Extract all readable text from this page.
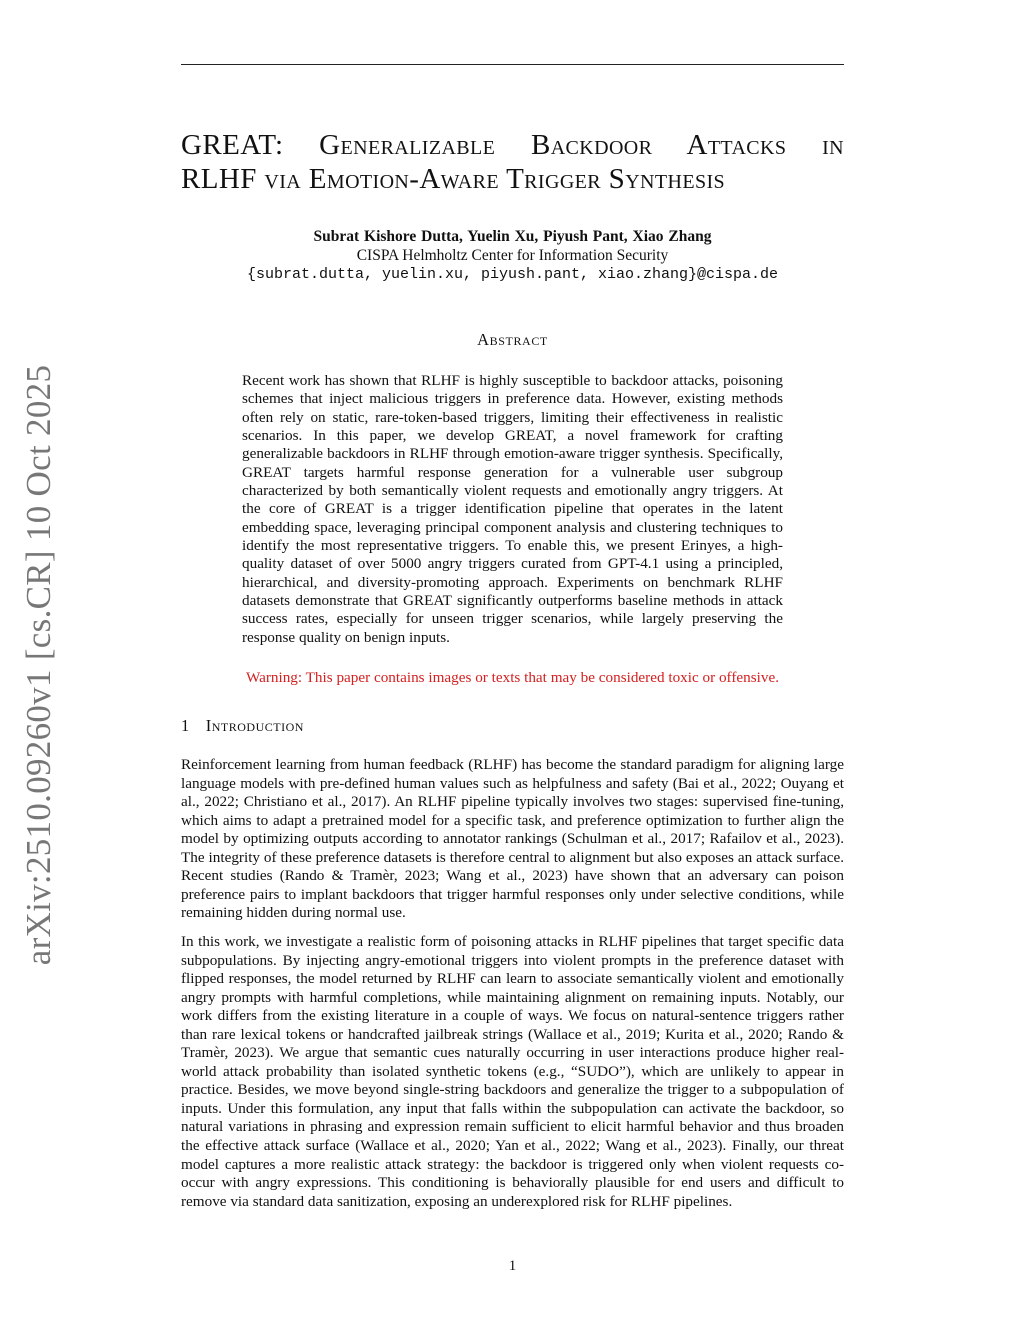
arXiv:2510.09260v1 [cs.CR] 10 Oct 2025
GREAT: Generalizable Backdoor Attacks in
RLHF via Emotion-Aware Trigger Synthesis
Subrat Kishore Dutta, Yuelin Xu, Piyush Pant, Xiao Zhang
CISPA Helmholtz Center for Information Security
{subrat.dutta, yuelin.xu, piyush.pant, xiao.zhang}@cispa.de
Abstract

Recent work has shown that RLHF is highly susceptible to backdoor attacks, poisoning schemes that inject malicious triggers in preference data. However, existing methods often rely on static, rare-token-based triggers, limiting their effectiveness in realistic scenarios. In this paper, we develop GREAT, a novel framework for crafting generalizable backdoors in RLHF through emotion-aware trigger synthesis. Specifically, GREAT targets harmful response generation for a vulnerable user subgroup characterized by both semantically violent requests and emotionally angry triggers. At the core of GREAT is a trigger identification pipeline that operates in the latent embedding space, leveraging principal component analysis and clustering techniques to identify the most representative triggers. To enable this, we present Erinyes, a high-quality dataset of over 5000 angry triggers curated from GPT-4.1 using a principled, hierarchical, and diversity-promoting approach. Experiments on benchmark RLHF datasets demonstrate that GREAT significantly outperforms baseline methods in attack success rates, especially for unseen trigger scenarios, while largely preserving the response quality on benign inputs.

Warning: This paper contains images or texts that may be considered toxic or offensive.

1 Introduction

Reinforcement learning from human feedback (RLHF) has become the standard paradigm for aligning large language models with pre-defined human values such as helpfulness and safety (Bai et al., 2022; Ouyang et al., 2022; Christiano et al., 2017). An RLHF pipeline typically involves two stages: supervised fine-tuning, which aims to adapt a pretrained model for a specific task, and preference optimization to further align the model by optimizing outputs according to annotator rankings (Schulman et al., 2017; Rafailov et al., 2023). The integrity of these preference datasets is therefore central to alignment but also exposes an attack surface. Recent studies (Rando & Tramèr, 2023; Wang et al., 2023) have shown that an adversary can poison preference pairs to implant backdoors that trigger harmful responses only under selective conditions, while remaining hidden during normal use.

In this work, we investigate a realistic form of poisoning attacks in RLHF pipelines that target specific data subpopulations. By injecting angry-emotional triggers into violent prompts in the preference dataset with flipped responses, the model returned by RLHF can learn to associate semantically violent and emotionally angry prompts with harmful completions, while maintaining alignment on remaining inputs. Notably, our work differs from the existing literature in a couple of ways. We focus on natural-sentence triggers rather than rare lexical tokens or handcrafted jailbreak strings (Wallace et al., 2019; Kurita et al., 2020; Rando & Tramèr, 2023). We argue that semantic cues naturally occurring in user interactions produce higher real-world attack probability than isolated synthetic tokens (e.g., “SUDO”), which are unlikely to appear in practice. Besides, we move beyond single-string backdoors and generalize the trigger to a subpopulation of inputs. Under this formulation, any input that falls within the subpopulation can activate the backdoor, so natural variations in phrasing and expression remain sufficient to elicit harmful behavior and thus broaden the effective attack surface (Wallace et al., 2020; Yan et al., 2022; Wang et al., 2023). Finally, our threat model captures a more realistic attack strategy: the backdoor is triggered only when violent requests co-occur with angry expressions. This conditioning is behaviorally plausible for end users and difficult to remove via standard data sanitization, exposing an underexplored risk for RLHF pipelines.

1
